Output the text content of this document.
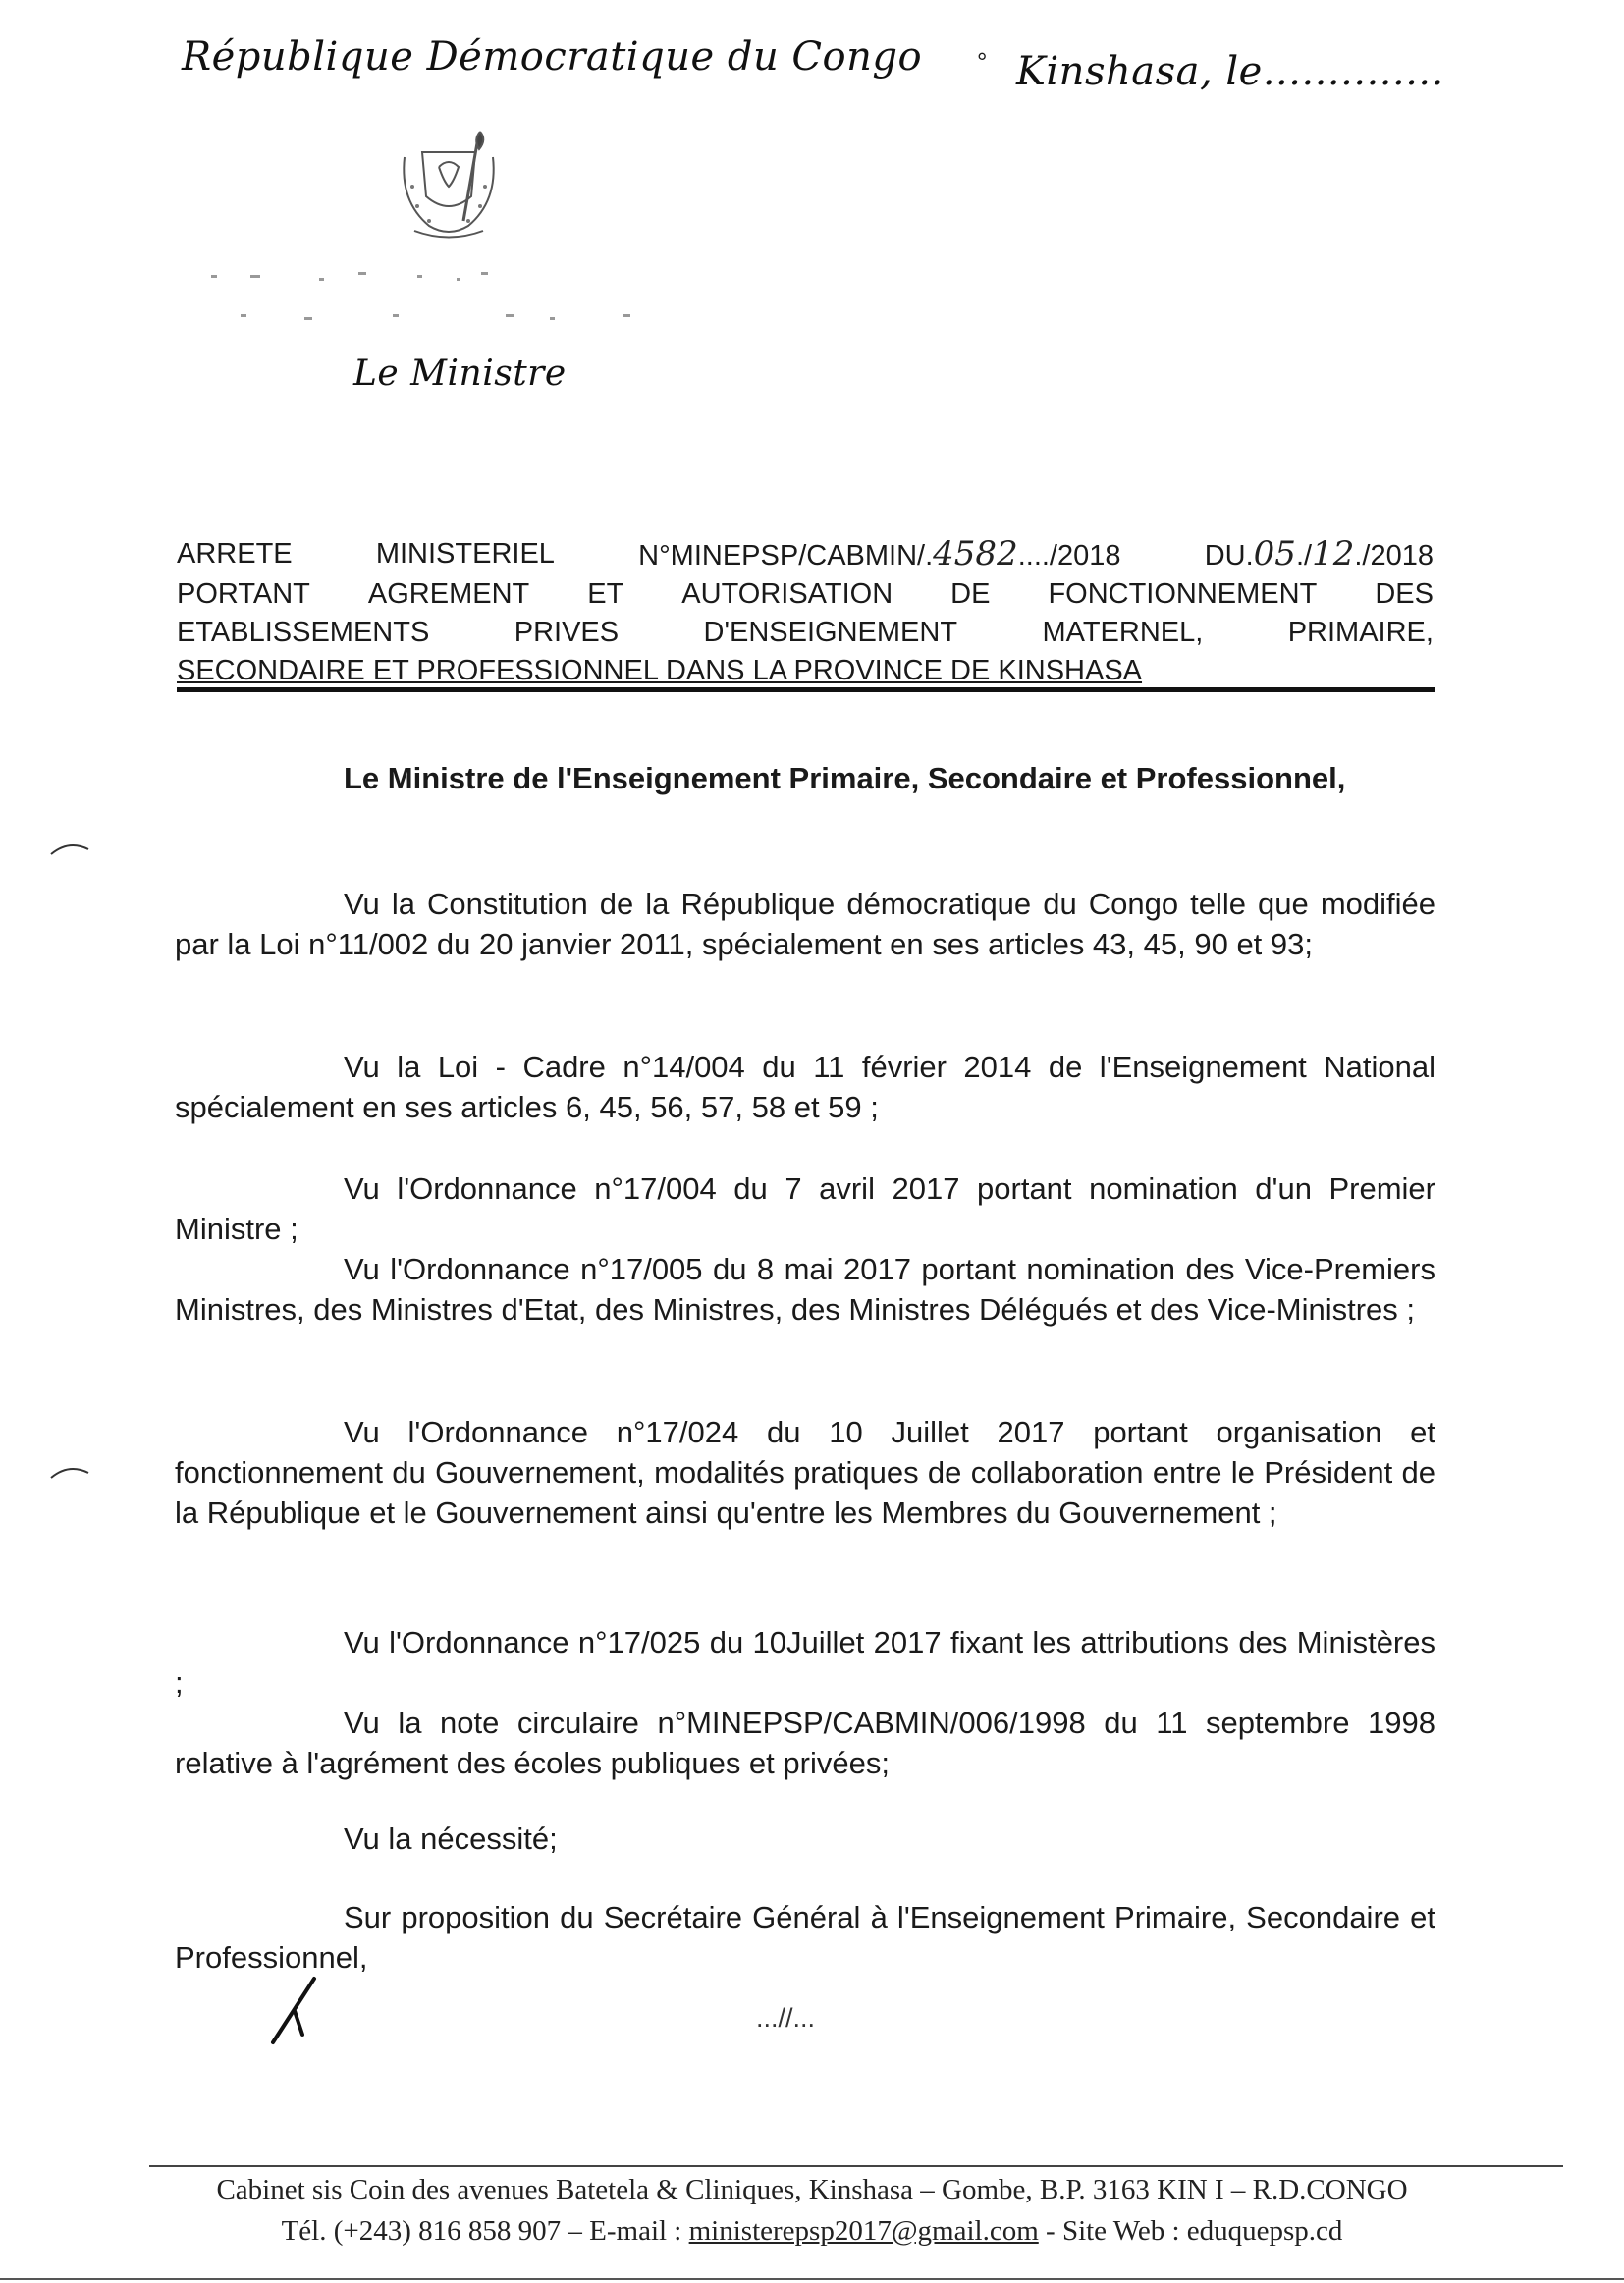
République Démocratique du Congo ° Kinshasa, le..............
Le Ministre
ARRETE	MINISTERIEL	N°MINEPSP/CABMIN/.4582..../2018	DU.05./12./2018
PORTANT AGREMENT ET AUTORISATION DE FONCTIONNEMENT DES
ETABLISSEMENTS	PRIVES	D'ENSEIGNEMENT	MATERNEL,	PRIMAIRE,
SECONDAIRE ET PROFESSIONNEL DANS LA PROVINCE DE KINSHASA

Le Ministre de l'Enseignement Primaire, Secondaire et Professionnel,

Vu la Constitution de la République démocratique du Congo telle que modifiée par la Loi n°11/002 du 20 janvier 2011, spécialement en ses articles 43, 45, 90 et 93;

Vu la Loi - Cadre n°14/004 du 11 février 2014 de l'Enseignement National spécialement en ses articles 6, 45, 56, 57, 58 et 59 ;

Vu l'Ordonnance n°17/004 du 7 avril 2017 portant nomination d'un Premier Ministre ;

Vu l'Ordonnance n°17/005 du 8 mai 2017 portant nomination des Vice-Premiers Ministres, des Ministres d'Etat, des Ministres, des Ministres Délégués et des Vice-Ministres ;

Vu l'Ordonnance n°17/024 du 10 Juillet 2017 portant organisation et fonctionnement du Gouvernement, modalités pratiques de collaboration entre le Président de la République et le Gouvernement ainsi qu'entre les Membres du Gouvernement ;

Vu l'Ordonnance n°17/025 du 10Juillet 2017 fixant les attributions des Ministères ;

Vu la note circulaire n°MINEPSP/CABMIN/006/1998 du 11 septembre 1998 relative à l'agrément des écoles publiques et privées;

Vu la nécessité;

Sur proposition du Secrétaire Général à l'Enseignement Primaire, Secondaire et Professionnel,

...//...
Cabinet sis Coin des avenues Batetela & Cliniques, Kinshasa – Gombe, B.P. 3163 KIN I – R.D.CONGO
Tél. (+243) 816 858 907 – E-mail : ministerepsp2017@gmail.com - Site Web : eduquepsp.cd
